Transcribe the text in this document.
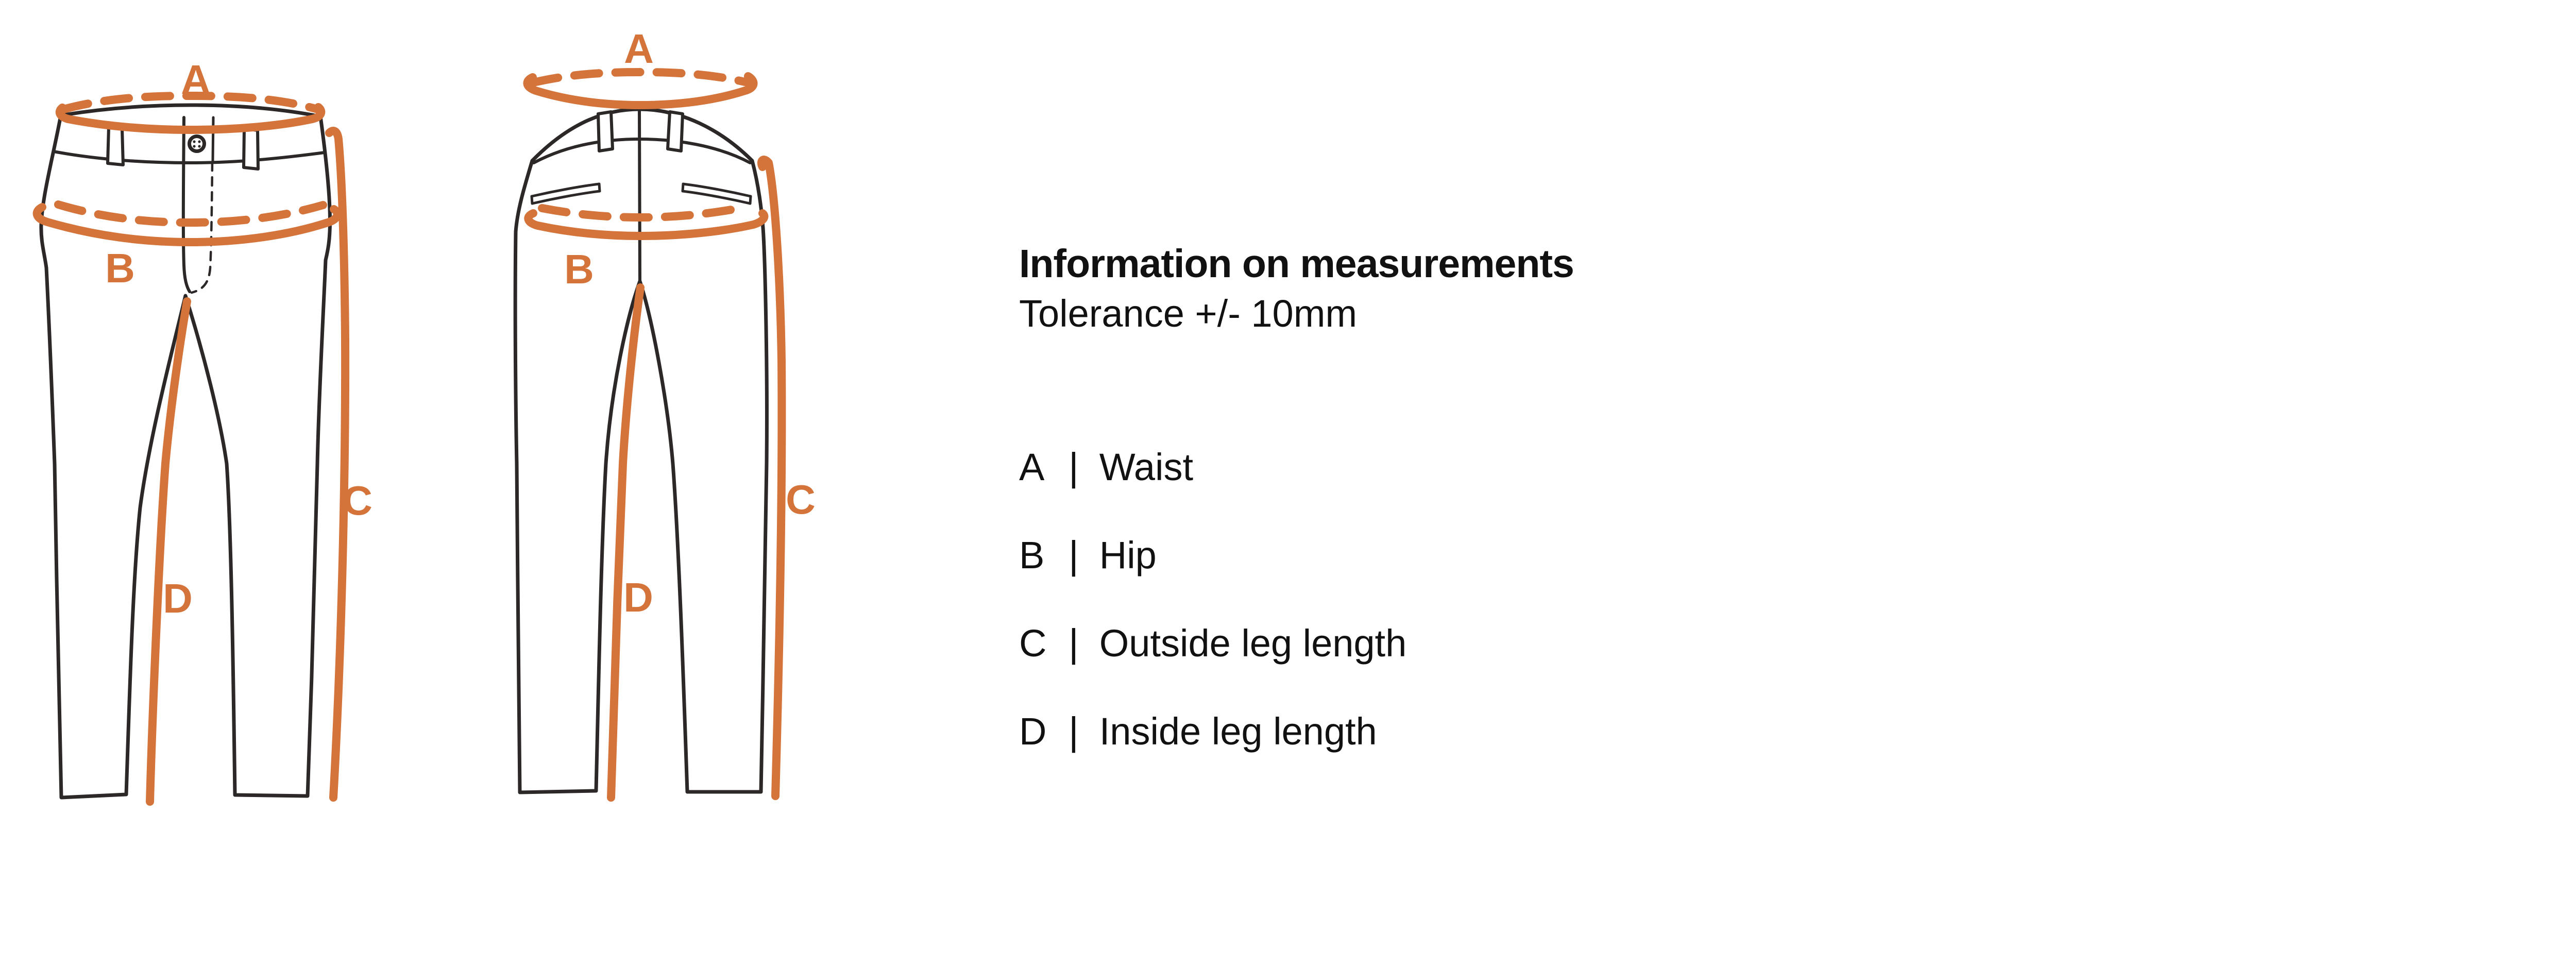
A
B
C
D
A
B
C
D
Information on measurements
Tolerance +/- 10mm
A | Waist
B | Hip
C | Outside leg length
D | Inside leg length
